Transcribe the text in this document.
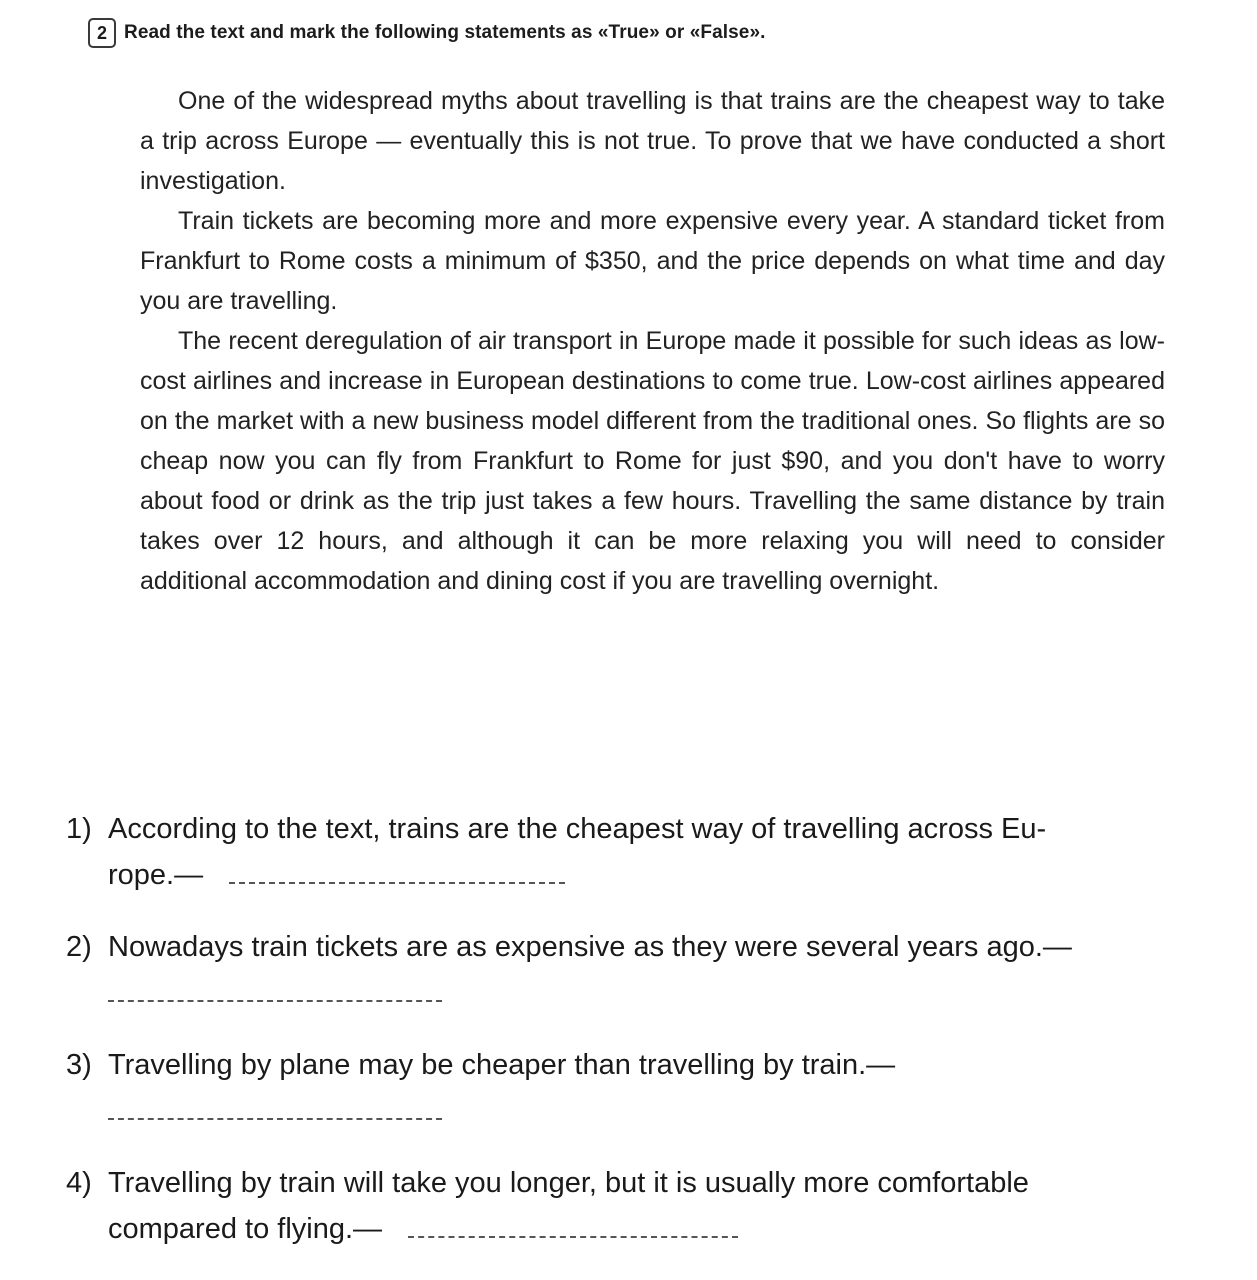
2 Read the text and mark the following statements as «True» or «False».

One of the widespread myths about travelling is that trains are the cheapest way to take a trip across Europe — eventually this is not true. To prove that we have conducted a short investigation.

Train tickets are becoming more and more expensive every year. A standard ticket from Frankfurt to Rome costs a minimum of $350, and the price depends on what time and day you are travelling.

The recent deregulation of air transport in Europe made it possible for such ideas as low-cost airlines and increase in European destinations to come true. Low-cost airlines appeared on the market with a new business model different from the traditional ones. So flights are so cheap now you can fly from Frankfurt to Rome for just $90, and you don't have to worry about food or drink as the trip just takes a few hours. Travelling the same distance by train takes over 12 hours, and although it can be more relaxing you will need to consider additional accommodation and dining cost if you are travelling overnight.

1) According to the text, trains are the cheapest way of travelling across Eu-
rope.—
2) Nowadays train tickets are as expensive as they were several years ago.—
3) Travelling by plane may be cheaper than travelling by train.—
4) Travelling by train will take you longer, but it is usually more comfortable
compared to flying.—
